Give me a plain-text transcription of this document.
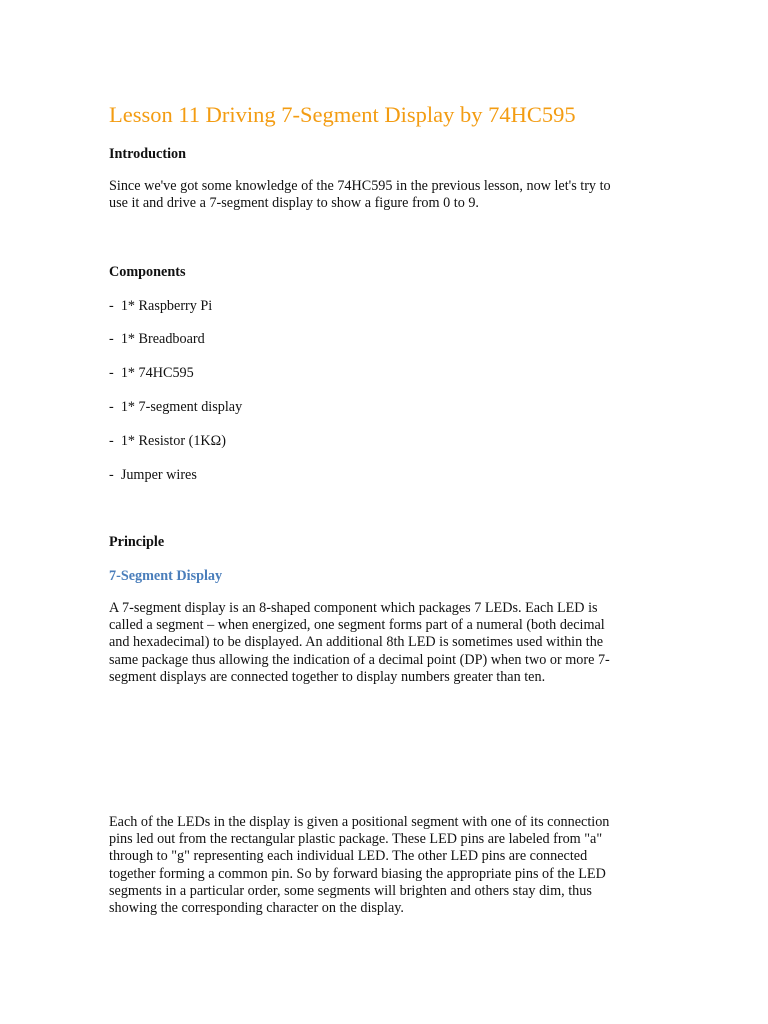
Lesson 11 Driving 7-Segment Display by 74HC595
Introduction

Since we've got some knowledge of the 74HC595 in the previous lesson, now let's try to
use it and drive a 7-segment display to show a figure from 0 to 9.

Components
-  1* Raspberry Pi
-  1* Breadboard
-  1* 74HC595
-  1* 7-segment display
-  1* Resistor (1KΩ)
-  Jumper wires
Principle
7-Segment Display

A 7-segment display is an 8-shaped component which packages 7 LEDs. Each LED is
called a segment – when energized, one segment forms part of a numeral (both decimal
and hexadecimal) to be displayed. An additional 8th LED is sometimes used within the
same package thus allowing the indication of a decimal point (DP) when two or more 7-
segment displays are connected together to display numbers greater than ten.

Each of the LEDs in the display is given a positional segment with one of its connection
pins led out from the rectangular plastic package. These LED pins are labeled from "a"
through to "g" representing each individual LED. The other LED pins are connected
together forming a common pin. So by forward biasing the appropriate pins of the LED
segments in a particular order, some segments will brighten and others stay dim, thus
showing the corresponding character on the display.
